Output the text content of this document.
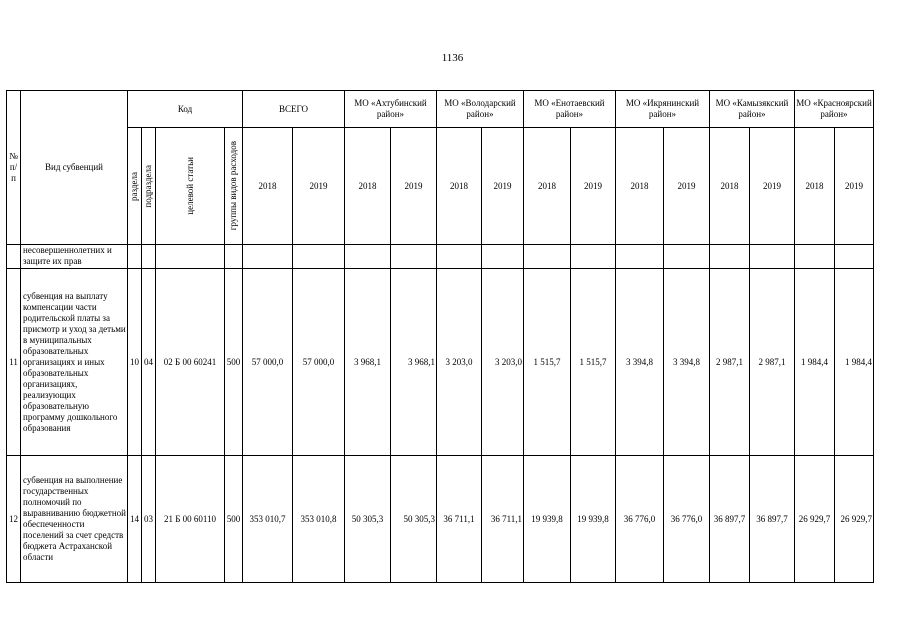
1136
№ п/п	Вид субвенций	Код				ВСЕГО		МО «Ахтубинский район»		МО «Володарский район»		МО «Енотаевский район»		МО «Икрянинский район»		МО «Камызякский район»		МО «Красноярский район»	

		раздела	подраздела	целевой статьи	группы видов расходов	2018	2019	2018	2019	2018	2019	2018	2019	2018	2019	2018	2019	2018	2019
	несовершеннолетних и защите их прав																		
11	субвенция на выплату компенсации части родительской платы за присмотр и уход за детьми в муниципальных образовательных организациях и иных образовательных организациях, реализующих образовательную программу дошкольного образования	10	04	02 Б 00 60241	500	57 000,0	57 000,0	3 968,1	3 968,1	3 203,0	3 203,0	1 515,7	1 515,7	3 394,8	3 394,8	2 987,1	2 987,1	1 984,4	1 984,4
12	субвенция на выполнение государственных полномочий по выравниванию бюджетной обеспеченности поселений за счет средств бюджета Астраханской области	14	03	21 Б 00 60110	500	353 010,7	353 010,8	50 305,3	50 305,3	36 711,1	36 711,1	19 939,8	19 939,8	36 776,0	36 776,0	36 897,7	36 897,7	26 929,7	26 929,7
